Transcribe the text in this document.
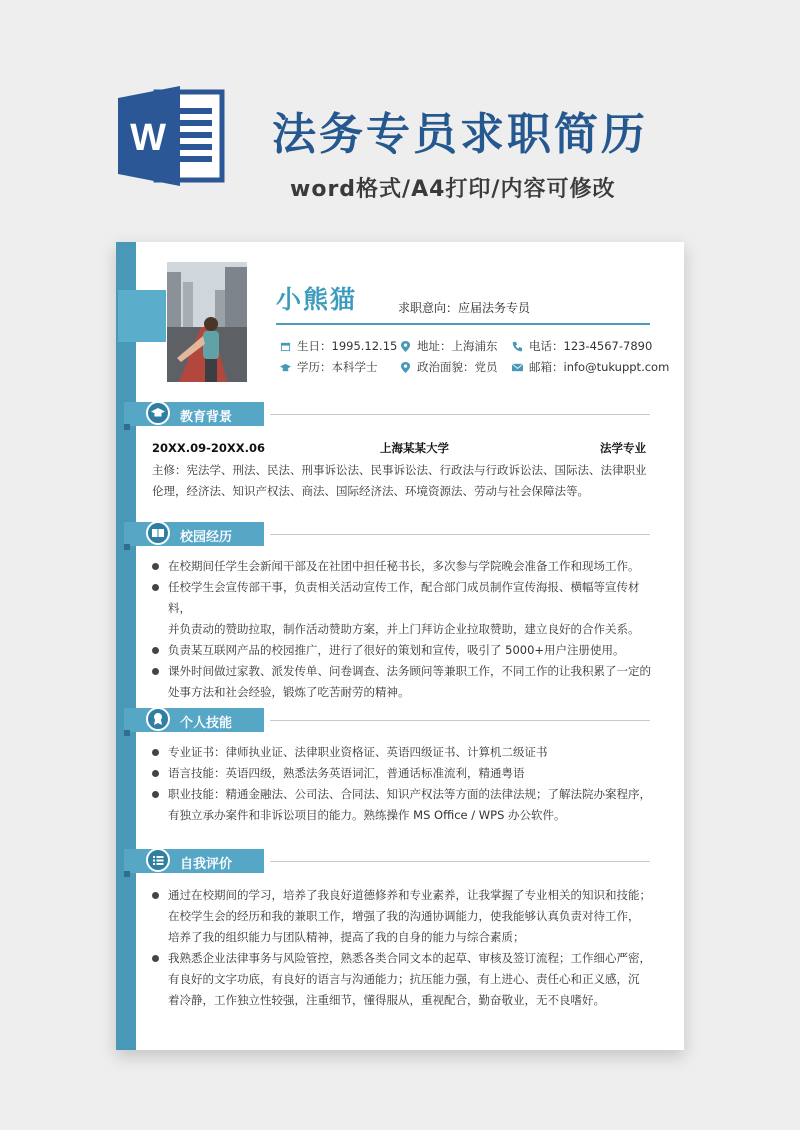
W 法务专员求职简历
word格式/A4打印/内容可修改
小熊猫	求职意向：应届法务专员
生日：1995.12.15 地址：上海浦东	电话：123-4567-7890
学历：本科学士	政治面貌：党员	邮箱：info@tukuppt.com
教育背景
20XX.09-20XX.06	上海某某大学	法学专业
主修：宪法学、刑法、民法、刑事诉讼法、民事诉讼法、行政法与行政诉讼法、国际法、法律职业
伦理，经济法、知识产权法、商法、国际经济法、环境资源法、劳动与社会保障法等。
校园经历
在校期间任学生会新闻干部及在社团中担任秘书长，多次参与学院晚会准备工作和现场工作。
任校学生会宣传部干事，负责相关活动宣传工作，配合部门成员制作宣传海报、横幅等宣传材料，
并负责动的赞助拉取，制作活动赞助方案，并上门拜访企业拉取赞助，建立良好的合作关系。
负责某互联网产品的校园推广，进行了很好的策划和宣传，吸引了 5000+用户注册使用。
课外时间做过家教、派发传单、问卷调查、法务顾问等兼职工作，不同工作的让我积累了一定的
处事方法和社会经验，锻炼了吃苦耐劳的精神。
个人技能
专业证书：律师执业证、法律职业资格证、英语四级证书、计算机二级证书
语言技能：英语四级，熟悉法务英语词汇，普通话标准流利，精通粤语
职业技能：精通金融法、公司法、合同法、知识产权法等方面的法律法规；了解法院办案程序，
有独立承办案件和非诉讼项目的能力。熟练操作 MS Office / WPS 办公软件。
自我评价
通过在校期间的学习，培养了我良好道德修养和专业素养，让我掌握了专业相关的知识和技能；
在校学生会的经历和我的兼职工作，增强了我的沟通协调能力，使我能够认真负责对待工作，
培养了我的组织能力与团队精神，提高了我的自身的能力与综合素质；
我熟悉企业法律事务与风险管控，熟悉各类合同文本的起草、审核及签订流程；工作细心严密，
有良好的文字功底，有良好的语言与沟通能力；抗压能力强，有上进心、责任心和正义感，沉
着冷静，工作独立性较强，注重细节，懂得服从，重视配合，勤奋敬业，无不良嗜好。
